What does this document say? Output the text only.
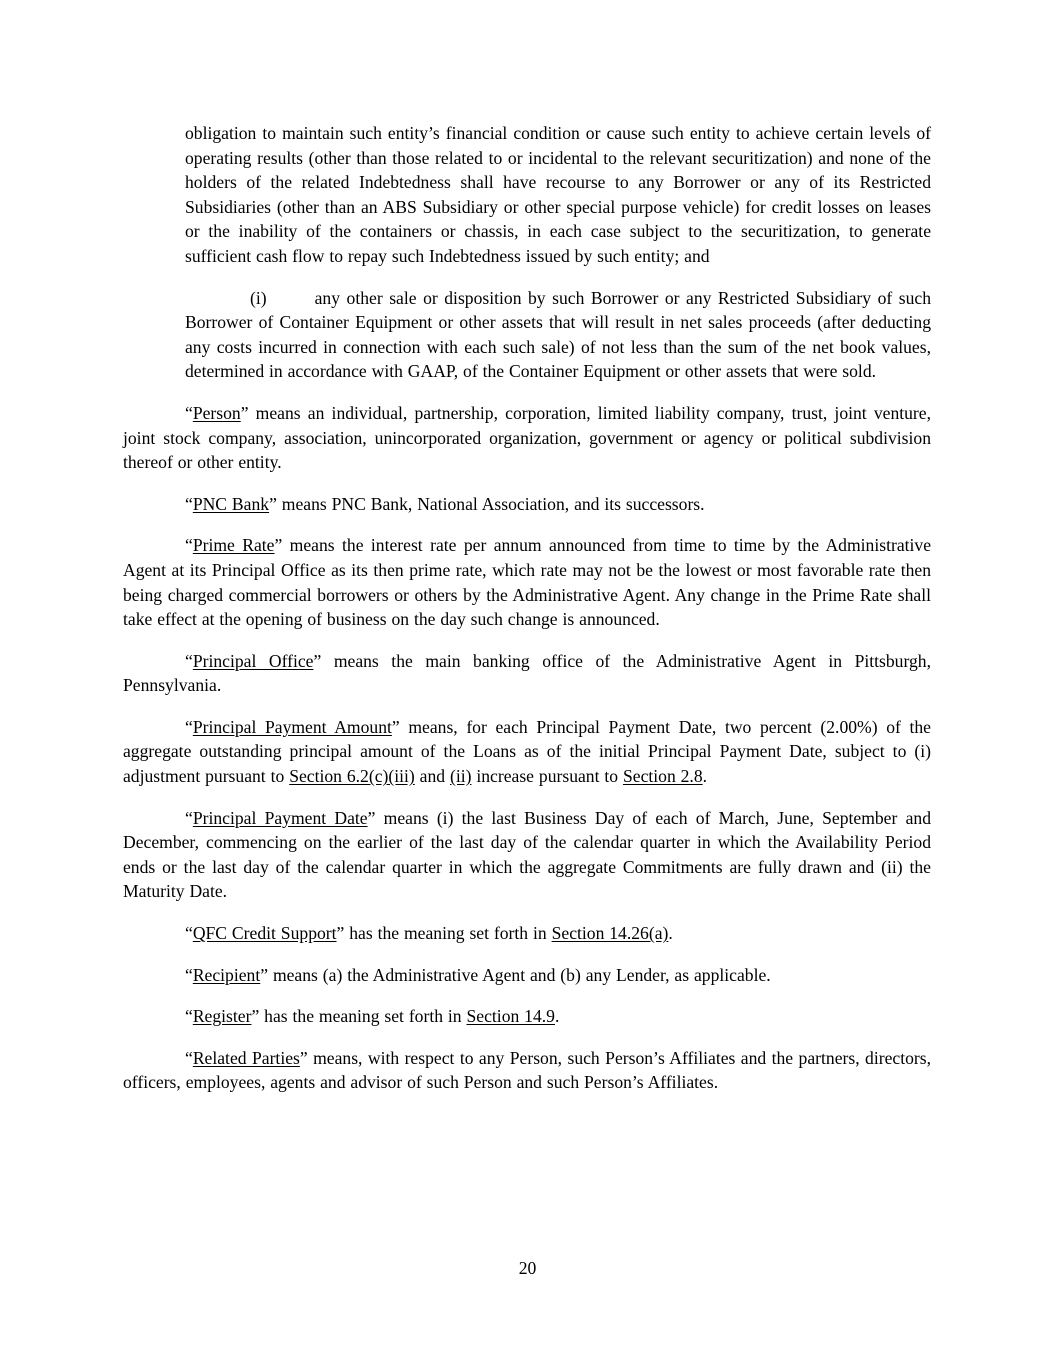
obligation to maintain such entity’s financial condition or cause such entity to achieve certain levels of operating results (other than those related to or incidental to the relevant securitization) and none of the holders of the related Indebtedness shall have recourse to any Borrower or any of its Restricted Subsidiaries (other than an ABS Subsidiary or other special purpose vehicle) for credit losses on leases or the inability of the containers or chassis, in each case subject to the securitization, to generate sufficient cash flow to repay such Indebtedness issued by such entity; and

(i)	any other sale or disposition by such Borrower or any Restricted Subsidiary of such Borrower of Container Equipment or other assets that will result in net sales proceeds (after deducting any costs incurred in connection with each such sale) of not less than the sum of the net book values, determined in accordance with GAAP, of the Container Equipment or other assets that were sold.

“Person” means an individual, partnership, corporation, limited liability company, trust, joint venture, joint stock company, association, unincorporated organization, government or agency or political subdivision thereof or other entity.

“PNC Bank” means PNC Bank, National Association, and its successors.

“Prime Rate” means the interest rate per annum announced from time to time by the Administrative Agent at its Principal Office as its then prime rate, which rate may not be the lowest or most favorable rate then being charged commercial borrowers or others by the Administrative Agent. Any change in the Prime Rate shall take effect at the opening of business on the day such change is announced.

“Principal Office” means the main banking office of the Administrative Agent in Pittsburgh, Pennsylvania.

“Principal Payment Amount” means, for each Principal Payment Date, two percent (2.00%) of the aggregate outstanding principal amount of the Loans as of the initial Principal Payment Date, subject to (i) adjustment pursuant to Section 6.2(c)(iii) and (ii) increase pursuant to Section 2.8.

“Principal Payment Date” means (i) the last Business Day of each of March, June, September and December, commencing on the earlier of the last day of the calendar quarter in which the Availability Period ends or the last day of the calendar quarter in which the aggregate Commitments are fully drawn and (ii) the Maturity Date.

“QFC Credit Support” has the meaning set forth in Section 14.26(a).

“Recipient” means (a) the Administrative Agent and (b) any Lender, as applicable.

“Register” has the meaning set forth in Section 14.9.

“Related Parties” means, with respect to any Person, such Person’s Affiliates and the partners, directors, officers, employees, agents and advisor of such Person and such Person’s Affiliates.

20
